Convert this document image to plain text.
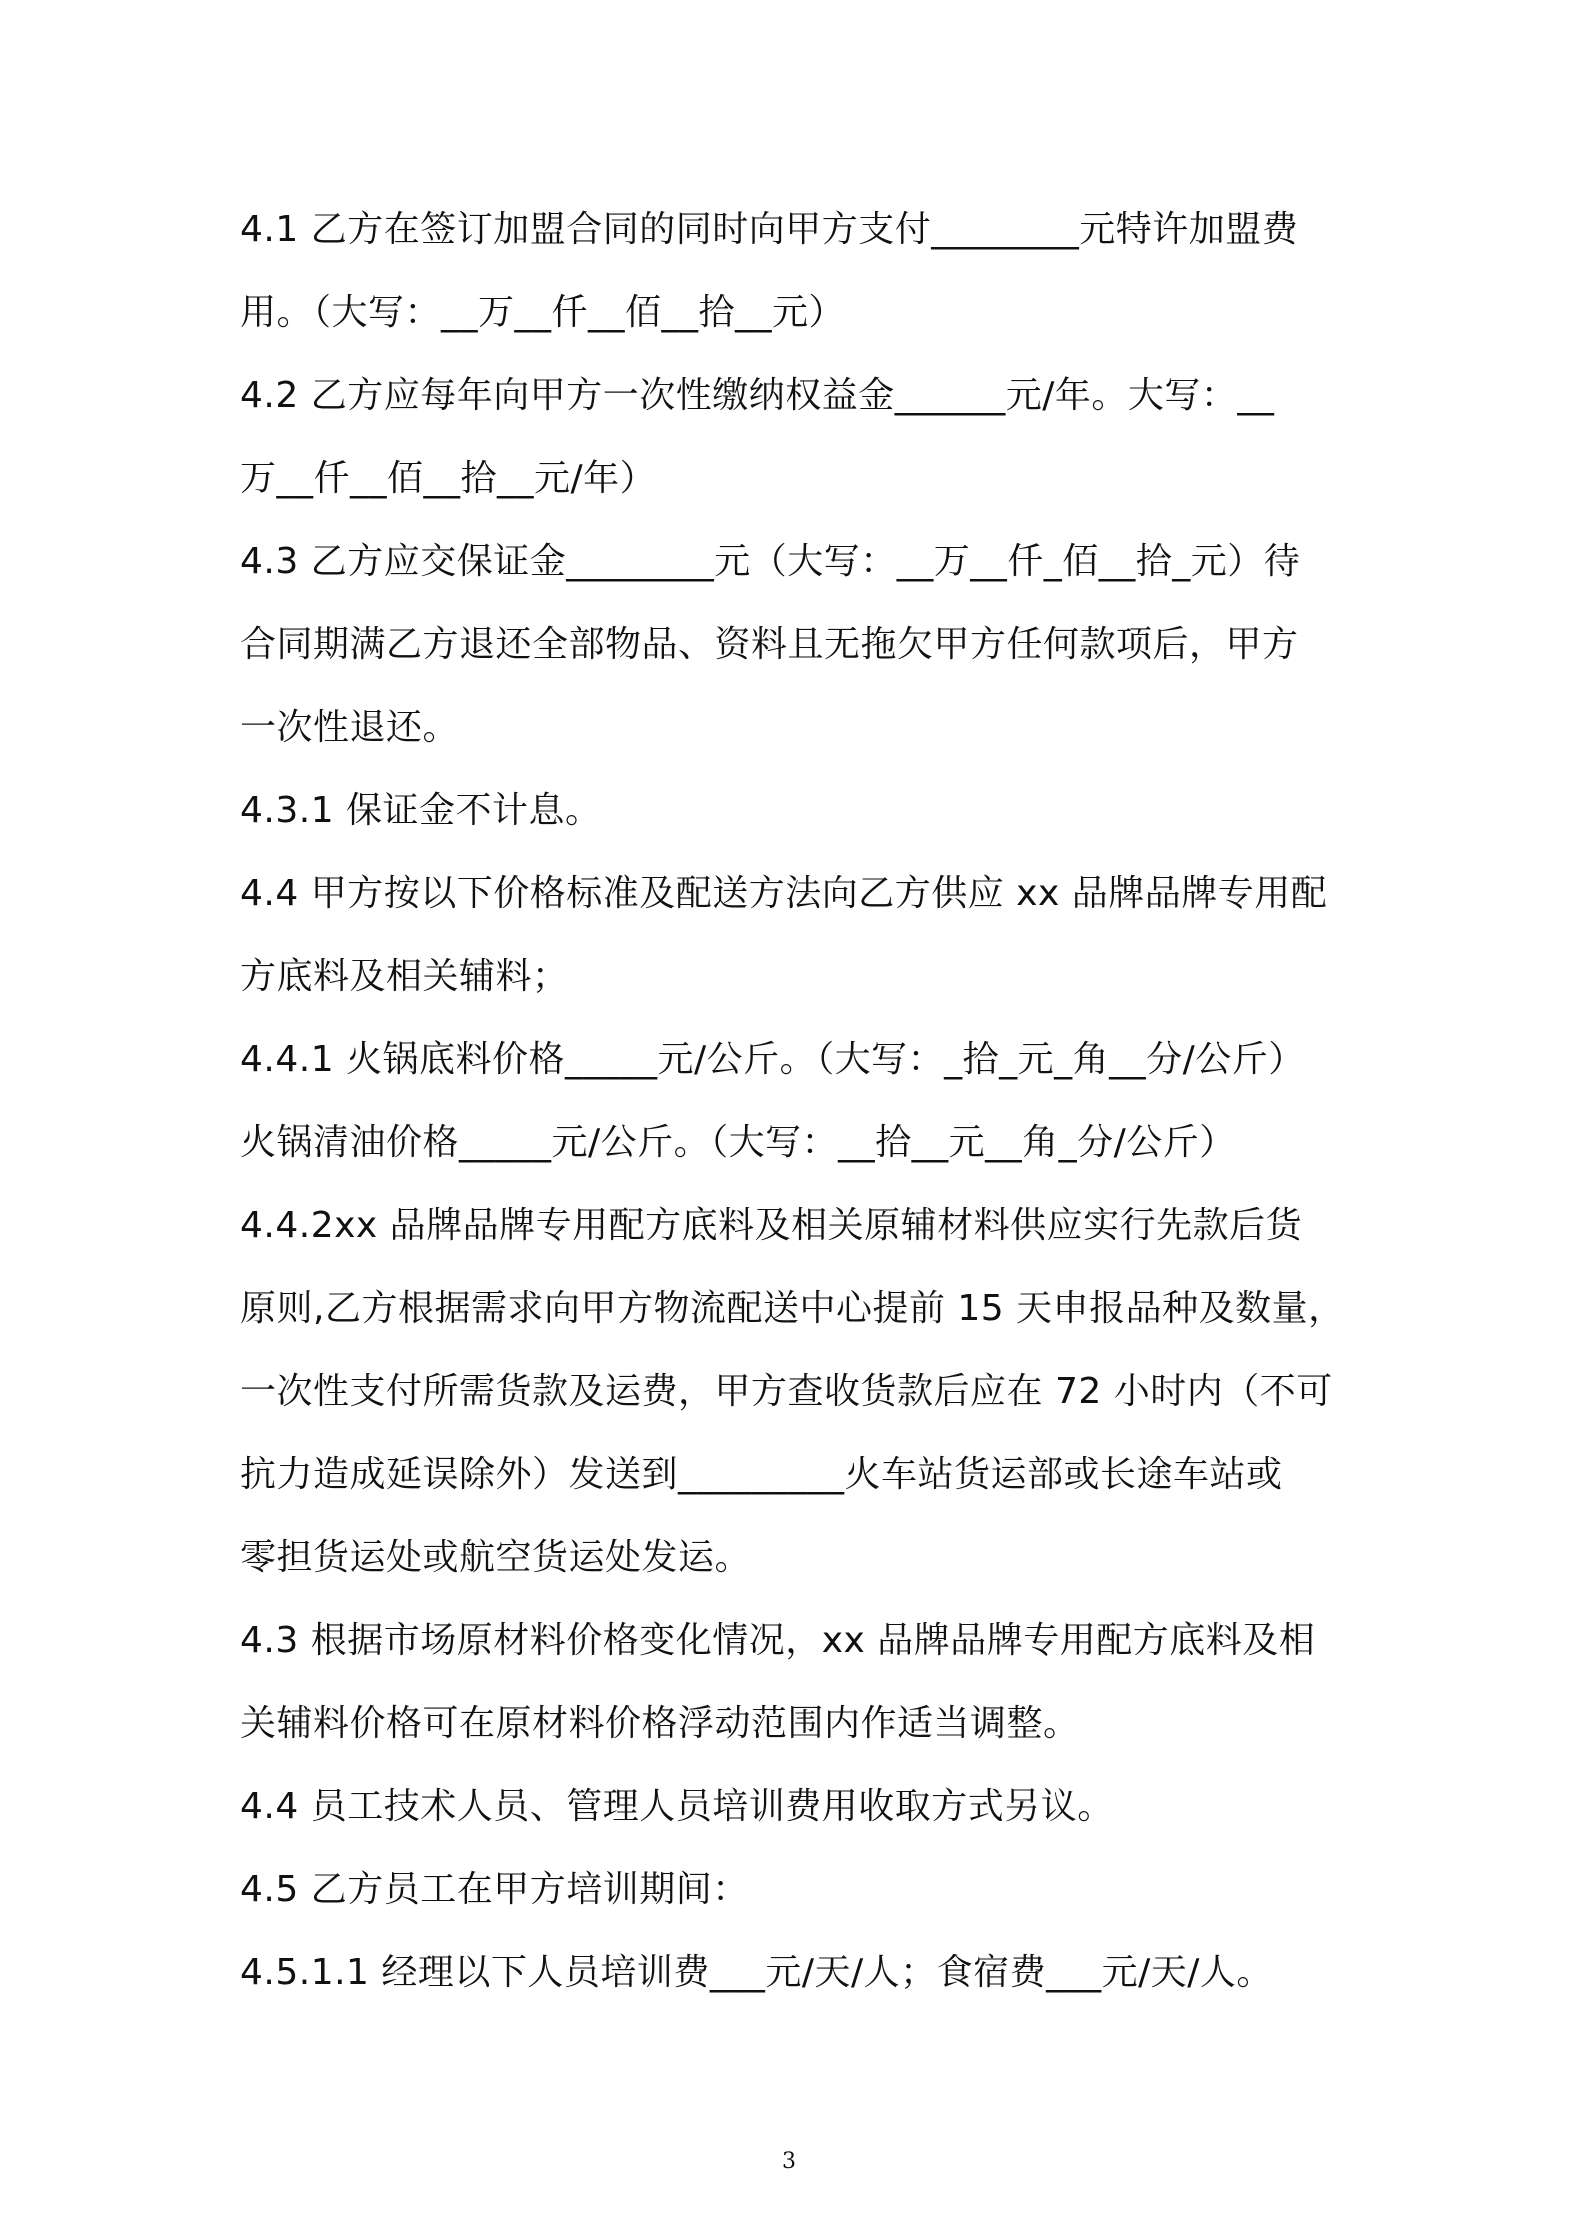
4.1 乙方在签订加盟合同的同时向甲方支付________元特许加盟费
用。（大写：__万__仟__佰__拾__元）
4.2 乙方应每年向甲方一次性缴纳权益金______元/年。大写：__
万__仟__佰__拾__元/年）
4.3 乙方应交保证金________元（大写：__万__仟_佰__拾_元）待
合同期满乙方退还全部物品、资料且无拖欠甲方任何款项后，甲方
一次性退还。
4.3.1 保证金不计息。
4.4 甲方按以下价格标准及配送方法向乙方供应 xx 品牌品牌专用配
方底料及相关辅料；
4.4.1 火锅底料价格_____元/公斤。（大写：_拾_元_角__分/公斤）
火锅清油价格_____元/公斤。（大写：__拾__元__角_分/公斤）
4.4.2xx 品牌品牌专用配方底料及相关原辅材料供应实行先款后货
原则,乙方根据需求向甲方物流配送中心提前 15 天申报品种及数量，
一次性支付所需货款及运费，甲方查收货款后应在 72 小时内（不可
抗力造成延误除外）发送到_________火车站货运部或长途车站或
零担货运处或航空货运处发运。
4.3 根据市场原材料价格变化情况，xx 品牌品牌专用配方底料及相
关辅料价格可在原材料价格浮动范围内作适当调整。
4.4 员工技术人员、管理人员培训费用收取方式另议。
4.5 乙方员工在甲方培训期间：
4.5.1.1 经理以下人员培训费___元/天/人；食宿费___元/天/人。
3
